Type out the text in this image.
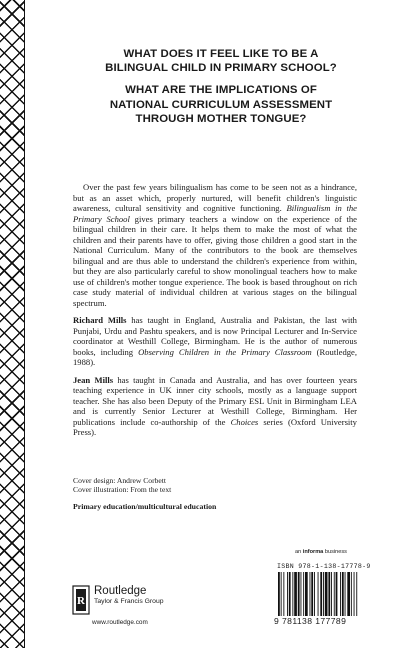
WHAT DOES IT FEEL LIKE TO BE A BILINGUAL CHILD IN PRIMARY SCHOOL?

WHAT ARE THE IMPLICATIONS OF NATIONAL CURRICULUM ASSESSMENT THROUGH MOTHER TONGUE?

Over the past few years bilingualism has come to be seen not as a hindrance, but as an asset which, properly nurtured, will benefit children's linguistic awareness, cultural sensitivity and cognitive functioning. Bilingualism in the Primary School gives primary teachers a window on the experience of the bilingual children in their care. It helps them to make the most of what the children and their parents have to offer, giving those children a good start in the National Curriculum. Many of the contributors to the book are themselves bilingual and are thus able to understand the children's experience from within, but they are also particularly careful to show monolingual teachers how to make use of children's mother tongue experience. The book is based throughout on rich case study material of individual children at various stages on the bilingual spectrum.

Richard Mills has taught in England, Australia and Pakistan, the last with Punjabi, Urdu and Pashtu speakers, and is now Principal Lecturer and In-Service coordinator at Westhill College, Birmingham. He is the author of numerous books, including Observing Children in the Primary Classroom (Routledge, 1988).

Jean Mills has taught in Canada and Australia, and has over fourteen years teaching experience in UK inner city schools, mostly as a language support teacher. She has also been Deputy of the Primary ESL Unit in Birmingham LEA and is currently Senior Lecturer at Westhill College, Birmingham. Her publications include co-authorship of the Choices series (Oxford University Press).

Cover design: Andrew Corbett
Cover illustration: From the text
Primary education/multicultural education
an informa business
ISBN 978-1-138-17778-9
9 781138 177789
R
Routledge
Taylor & Francis Group
www.routledge.com
